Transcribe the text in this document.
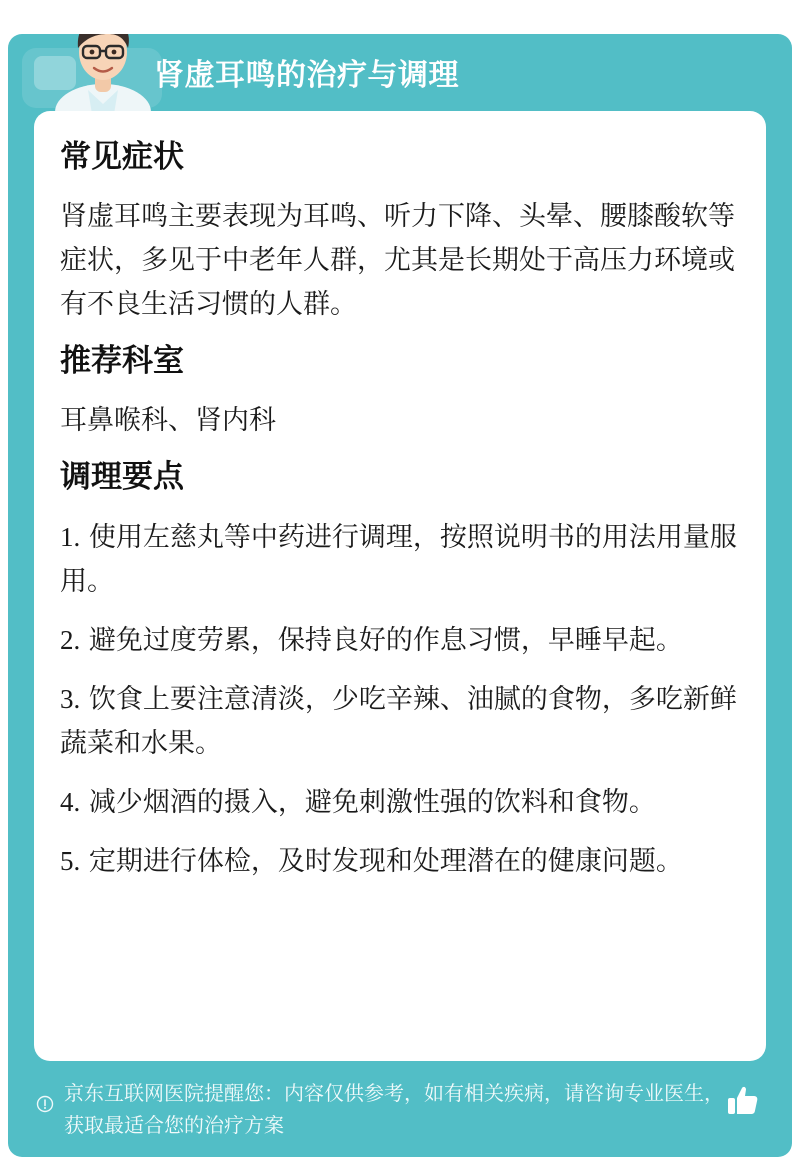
肾虚耳鸣的治疗与调理

常见症状

肾虚耳鸣主要表现为耳鸣、听力下降、头晕、腰膝酸软等症状，多见于中老年人群，尤其是长期处于高压力环境或有不良生活习惯的人群。

推荐科室

耳鼻喉科、肾内科

调理要点

1. 使用左慈丸等中药进行调理，按照说明书的用法用量服用。

2. 避免过度劳累，保持良好的作息习惯，早睡早起。

3. 饮食上要注意清淡，少吃辛辣、油腻的食物，多吃新鲜蔬菜和水果。

4. 减少烟酒的摄入，避免刺激性强的饮料和食物。

5. 定期进行体检，及时发现和处理潜在的健康问题。

京东互联网医院提醒您：内容仅供参考，如有相关疾病，请咨询专业医生，获取最适合您的治疗方案
